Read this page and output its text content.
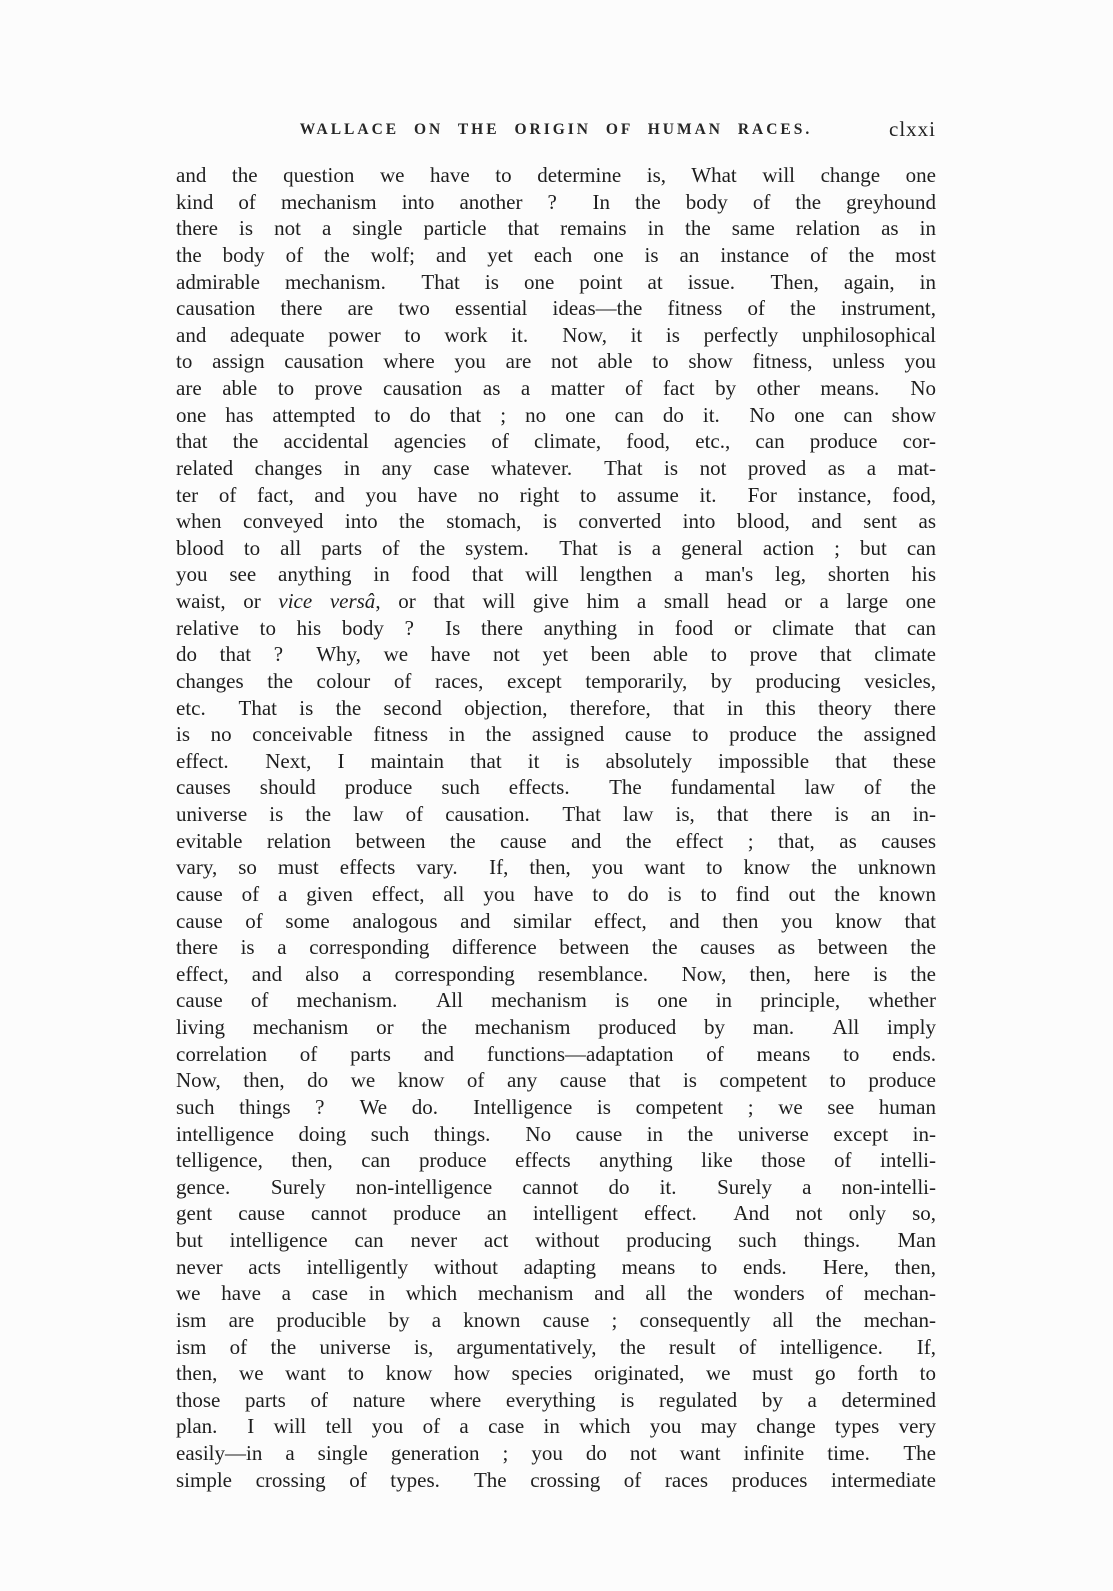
WALLACE ON THE ORIGIN OF HUMAN RACES.	clxxi
and the question we have to determine is, What will change one
kind of mechanism into another ?  In the body of the greyhound
there is not a single particle that remains in the same relation as in
the body of the wolf; and yet each one is an instance of the most
admirable mechanism.  That is one point at issue.  Then, again, in
causation there are two essential ideas—the fitness of the instrument,
and adequate power to work it.  Now, it is perfectly unphilosophical
to assign causation where you are not able to show fitness, unless you
are able to prove causation as a matter of fact by other means.  No
one has attempted to do that ; no one can do it.  No one can show
that the accidental agencies of climate, food, etc., can produce cor-
related changes in any case whatever.  That is not proved as a mat-
ter of fact, and you have no right to assume it.  For instance, food,
when conveyed into the stomach, is converted into blood, and sent as
blood to all parts of the system.  That is a general action ; but can
you see anything in food that will lengthen a man's leg, shorten his
waist, or vice versâ, or that will give him a small head or a large one
relative to his body ?  Is there anything in food or climate that can
do that ?  Why, we have not yet been able to prove that climate
changes the colour of races, except temporarily, by producing vesicles,
etc.  That is the second objection, therefore, that in this theory there
is no conceivable fitness in the assigned cause to produce the assigned
effect.  Next, I maintain that it is absolutely impossible that these
causes should produce such effects.  The fundamental law of the
universe is the law of causation.  That law is, that there is an in-
evitable relation between the cause and the effect ; that, as causes
vary, so must effects vary.  If, then, you want to know the unknown
cause of a given effect, all you have to do is to find out the known
cause of some analogous and similar effect, and then you know that
there is a corresponding difference between the causes as between the
effect, and also a corresponding resemblance.  Now, then, here is the
cause of mechanism.  All mechanism is one in principle, whether
living mechanism or the mechanism produced by man.  All imply
correlation of parts and functions—adaptation of means to ends.
Now, then, do we know of any cause that is competent to produce
such things ?  We do.  Intelligence is competent ; we see human
intelligence doing such things.  No cause in the universe except in-
telligence, then, can produce effects anything like those of intelli-
gence.  Surely non-intelligence cannot do it.  Surely a non-intelli-
gent cause cannot produce an intelligent effect.  And not only so,
but intelligence can never act without producing such things.  Man
never acts intelligently without adapting means to ends.  Here, then,
we have a case in which mechanism and all the wonders of mechan-
ism are producible by a known cause ; consequently all the mechan-
ism of the universe is, argumentatively, the result of intelligence.  If,
then, we want to know how species originated, we must go forth to
those parts of nature where everything is regulated by a determined
plan.  I will tell you of a case in which you may change types very
easily—in a single generation ; you do not want infinite time.  The
simple crossing of types.  The crossing of races produces intermediate
